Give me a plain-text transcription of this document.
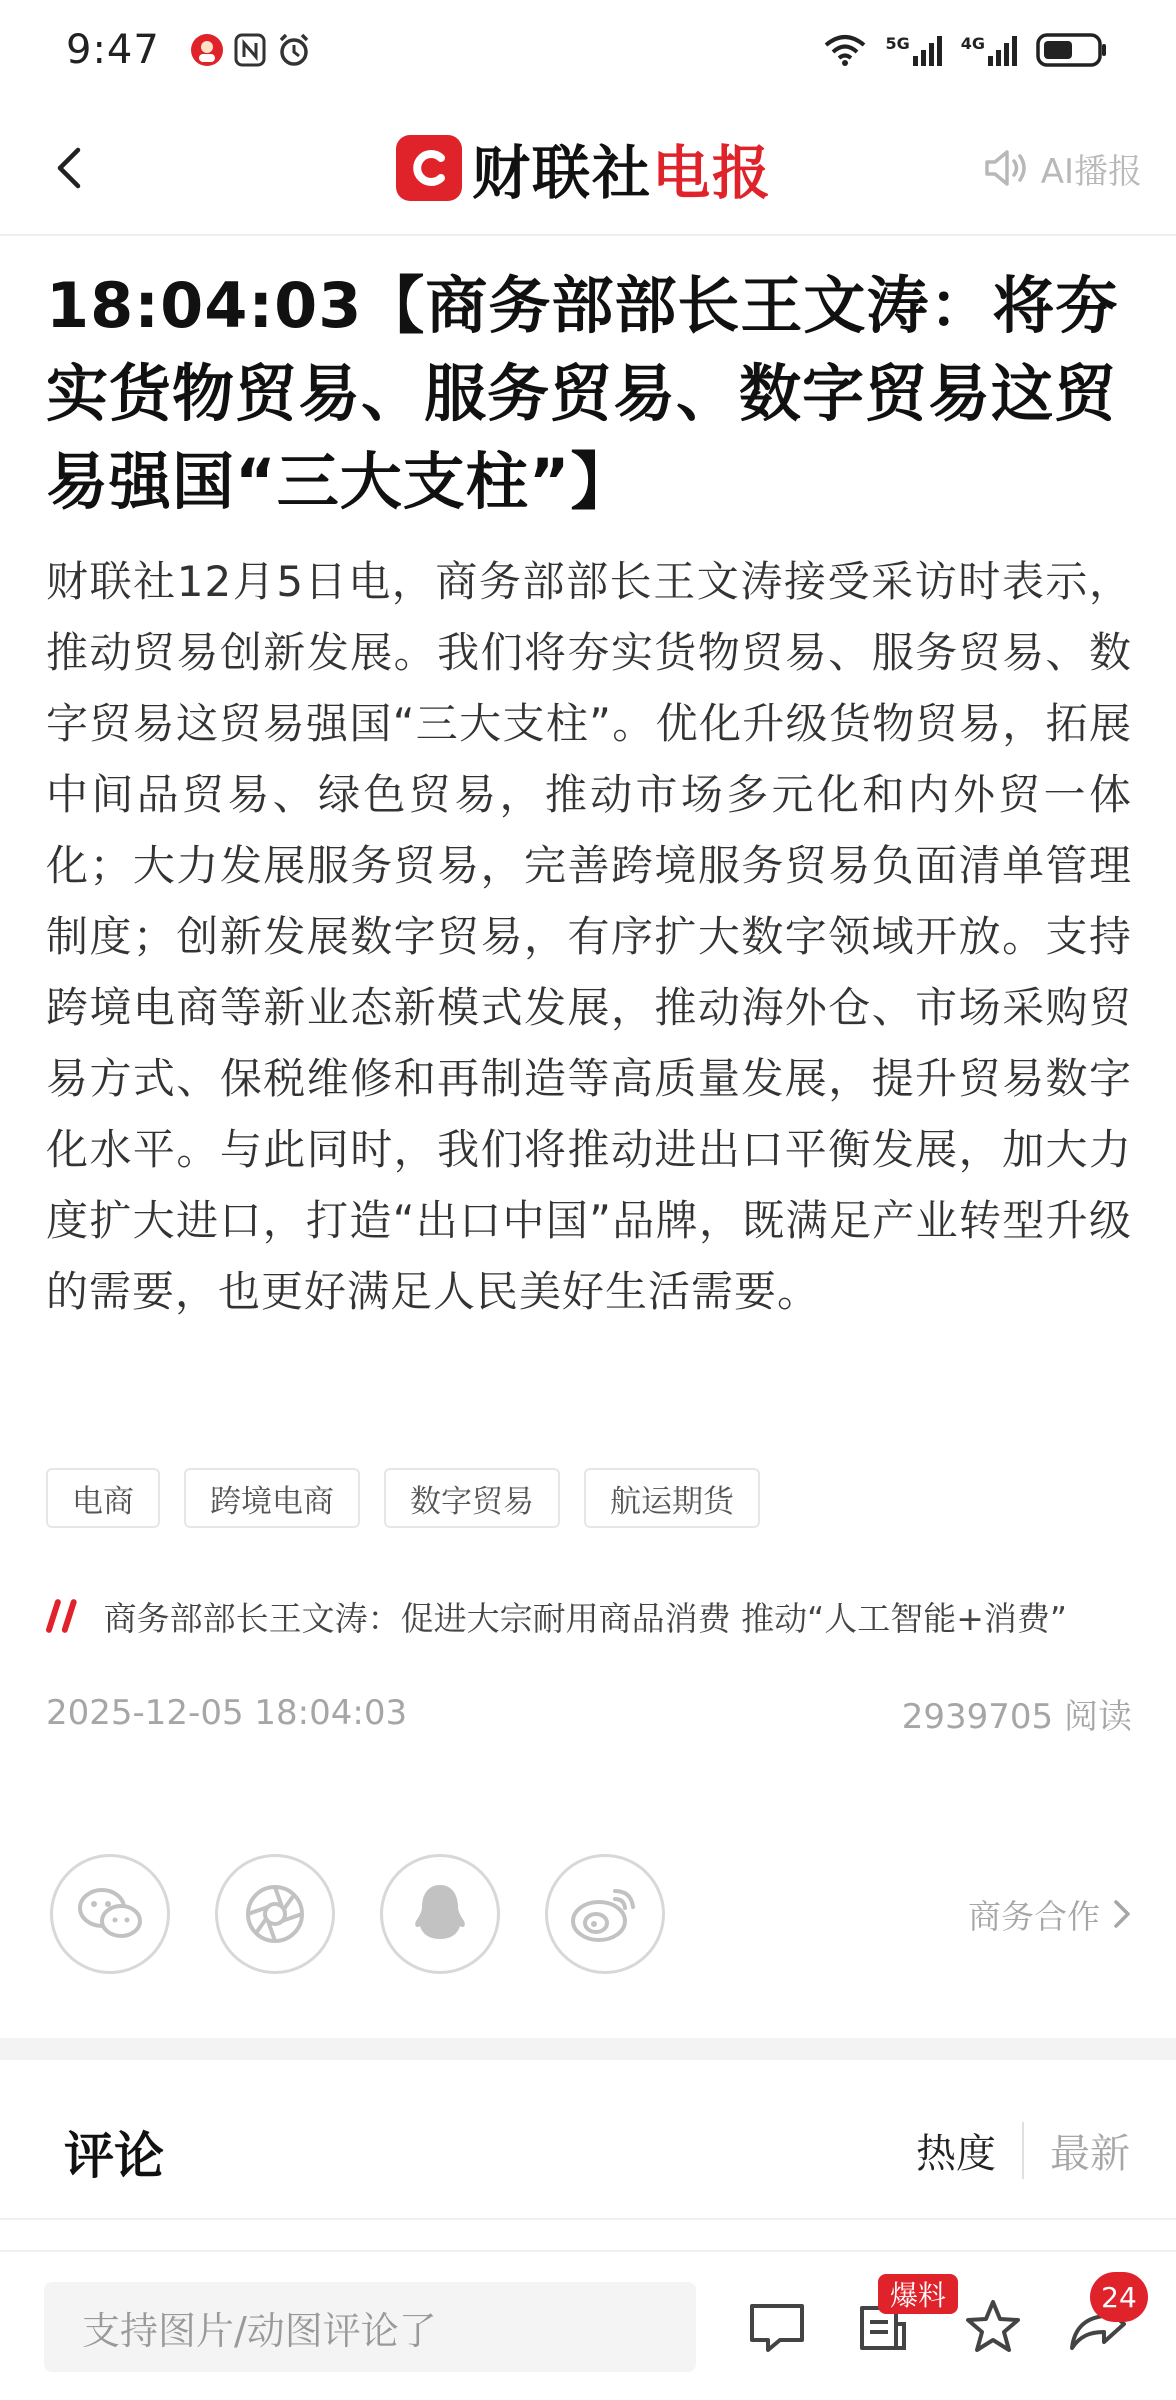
9:47	5G	4G
财联社电报	AI播报
18:04:03【商务部部长王文涛：将夯实货物贸易、服务贸易、数字贸易这贸易强国“三大支柱”】

财联社12月5日电，商务部部长王文涛接受采访时表示，推动贸易创新发展。我们将夯实货物贸易、服务贸易、数字贸易这贸易强国“三大支柱”。优化升级货物贸易，拓展中间品贸易、绿色贸易，推动市场多元化和内外贸一体化；大力发展服务贸易，完善跨境服务贸易负面清单管理制度；创新发展数字贸易，有序扩大数字领域开放。支持跨境电商等新业态新模式发展，推动海外仓、市场采购贸易方式、保税维修和再制造等高质量发展，提升贸易数字化水平。与此同时，我们将推动进出口平衡发展，加大力度扩大进口，打造“出口中国”品牌，既满足产业转型升级的需要，也更好满足人民美好生活需要。

电商	跨境电商	数字贸易	航运期货
商务部部长王文涛：促进大宗耐用商品消费 推动“人工智能+消费”
2025-12-05 18:04:03	2939705 阅读
商务合作
评论	热度	最新
支持图片/动图评论了
爆料	24
